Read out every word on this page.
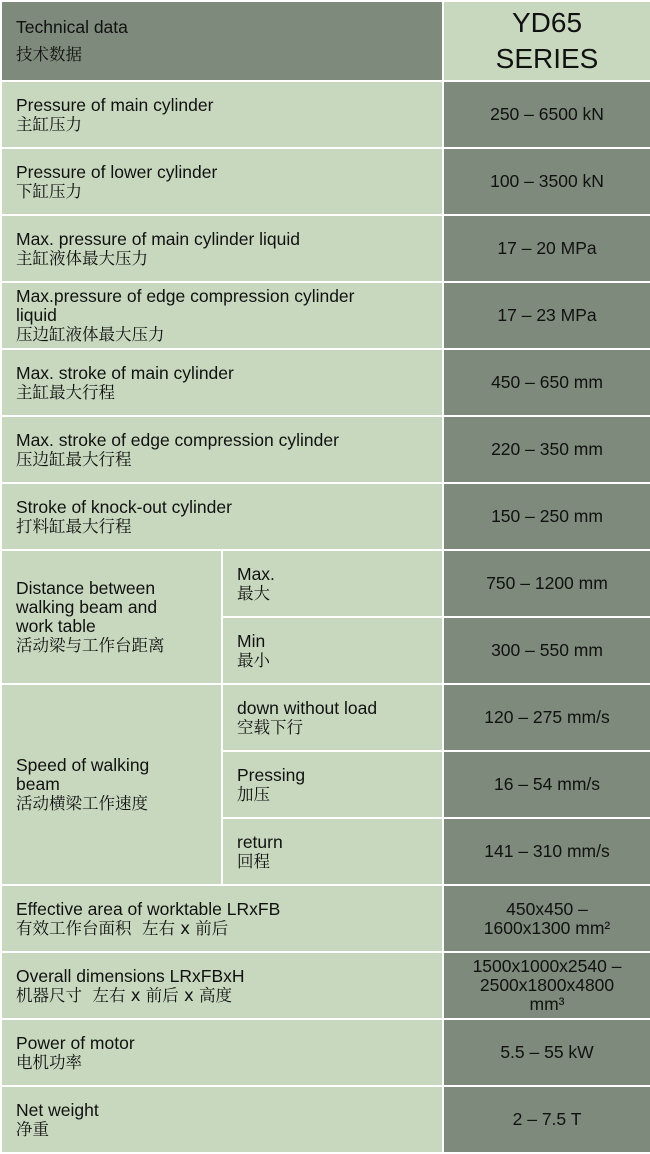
Technical data
技术数据		YD65
SERIES

Pressure of main cylinder
主缸压力		250 – 6500 kN

Pressure of lower cylinder
下缸压力		100 – 3500 kN

Max. pressure of main cylinder liquid
主缸液体最大压力		17 – 20 MPa

Max.pressure of edge compression cylinder liquid
压边缸液体最大压力		17 – 23 MPa

Max. stroke of main cylinder
主缸最大行程		450 – 650 mm

Max. stroke of edge compression cylinder
压边缸最大行程		220 – 350 mm

Stroke of knock-out cylinder
打料缸最大行程		150 – 250 mm

Distance between walking beam and work table
活动梁与工作台距离	Max.
最大	750 – 1200 mm

	Min
最小	300 – 550 mm

Speed of walking beam
活动横梁工作速度	down without load
空载下行	120 – 275 mm/s

	Pressing
加压	16 – 54 mm/s

	return
回程	141 – 310 mm/s

Effective area of worktable LRxFB
有效工作台面积  左右 x 前后		450x450 –
1600x1300 mm²

Overall dimensions LRxFBxH
机器尺寸  左右 x 前后 x 高度		1500x1000x2540 –
2500x1800x4800
mm³

Power of motor
电机功率		5.5 – 55 kW

Net weight
净重		2 – 7.5 T
